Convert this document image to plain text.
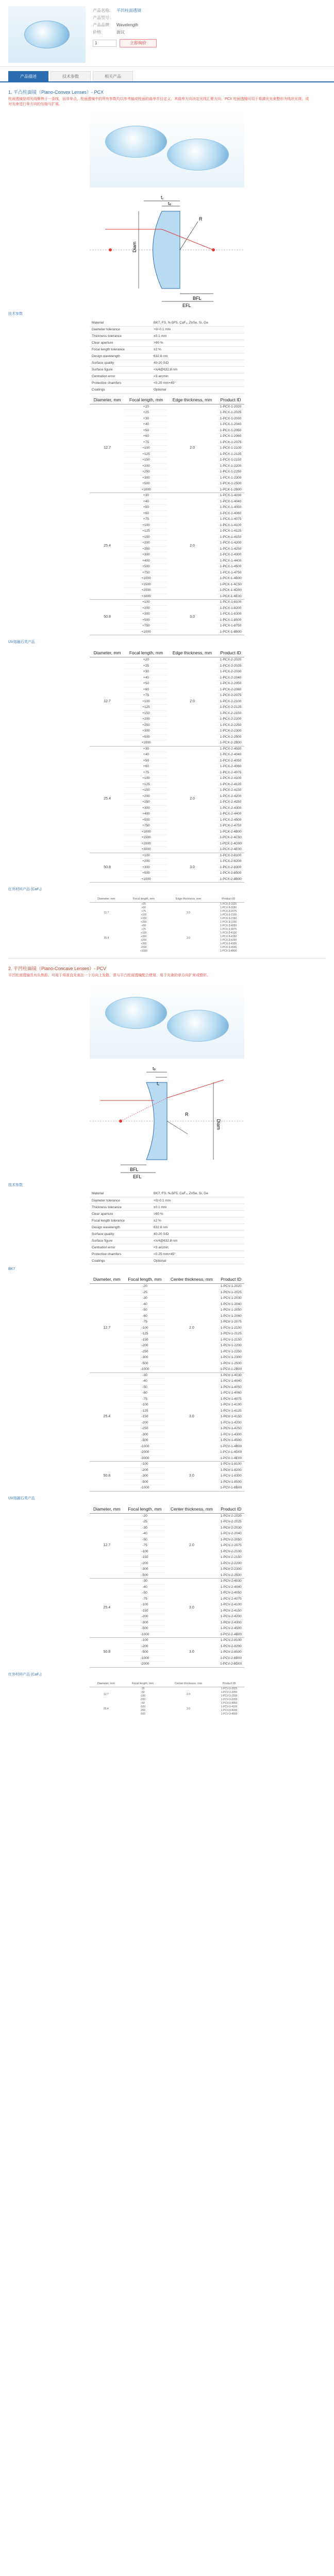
产品名称:	平凹柱面透镜
产品型号:
产品品牌:	Wavelength
价格:	面议
1	立即询价
产品描述	技术参数	相关产品
1. 平凸柱面镜（Plano-Convex Lenses）- PCX
柱面透镜是将光线聚焦于一条线，而非单点。柱面透镜中的所有参数均以参考轴或柱面的曲率半径定义，其曲率方向决定光线汇聚方向，PCX 柱面透镜可用于将激光光束整形为线状光斑，或对光束进行单方向的压缩与扩展。
t꜀
tₑ
R
Diam
BFL
EFL
技术参数
Material	BK7, FS, N-SF5, CaF₂, ZnSe, Si, Ge
Diameter tolerance	+0/-0.1 mm
Thickness tolerance	±0.1 mm
Clear aperture	>90 %
Focal length tolerance	±2 %
Design wavelength	632.8 nm
Surface quality	40-20 S/D
Surface figure	<λ/4@632.8 nm
Centration error	<3 arcmin
Protective chamfers	<0.25 mm×45°
Coatings	Optional
Diameter, mm	Focal length, mm	Edge thickness, mm	Product ID
12.7	+20	2.0	1-PCX-1-2020
	+25		1-PCX-1-2025
	+30		1-PCX-1-2030
	+40		1-PCX-1-2040
	+50		1-PCX-1-2050
	+60		1-PCX-1-2060
	+75		1-PCX-1-2075
	+100		1-PCX-1-2100
	+125		1-PCX-1-2125
	+150		1-PCX-1-2150
	+200		1-PCX-1-2200
	+250		1-PCX-1-2250
	+300		1-PCX-1-2300
	+500		1-PCX-1-2500
	+1000		1-PCX-1-2B00
25.4	+30	2.0	1-PCX-1-4030
	+40		1-PCX-1-4040
	+50		1-PCX-1-4050
	+60		1-PCX-1-4060
	+75		1-PCX-1-4075
	+100		1-PCX-1-4100
	+125		1-PCX-1-4125
	+150		1-PCX-1-4150
	+200		1-PCX-1-4200
	+250		1-PCX-1-4250
	+300		1-PCX-1-4300
	+400		1-PCX-1-4400
	+500		1-PCX-1-4500
	+750		1-PCX-1-4750
	+1000		1-PCX-1-4B00
	+1500		1-PCX-1-4C50
	+2000		1-PCX-1-4D00
	+3000		1-PCX-1-4E00
50.8	+100	3.0	1-PCX-1-8100
	+200		1-PCX-1-8200
	+300		1-PCX-1-8300
	+500		1-PCX-1-8500
	+750		1-PCX-1-8750
	+1000		1-PCX-1-8B00
UV熔融石英产品
Diameter, mm	Focal length, mm	Edge thickness, mm	Product ID
12.7	+20	2.0	1-PCX-2-2020
	+25		1-PCX-2-2025
	+30		1-PCX-2-2030
	+40		1-PCX-2-2040
	+50		1-PCX-2-2050
	+60		1-PCX-2-2060
	+75		1-PCX-2-2075
	+100		1-PCX-2-2100
	+125		1-PCX-2-2125
	+150		1-PCX-2-2150
	+200		1-PCX-2-2200
	+250		1-PCX-2-2250
	+300		1-PCX-2-2300
	+500		1-PCX-2-2500
	+1000		1-PCX-2-2B00
25.4	+30	2.0	1-PCX-2-4030
	+40		1-PCX-2-4040
	+50		1-PCX-2-4050
	+60		1-PCX-2-4060
	+75		1-PCX-2-4075
	+100		1-PCX-2-4100
	+125		1-PCX-2-4125
	+150		1-PCX-2-4150
	+200		1-PCX-2-4200
	+250		1-PCX-2-4250
	+300		1-PCX-2-4300
	+400		1-PCX-2-4400
	+500		1-PCX-2-4500
	+750		1-PCX-2-4750
	+1000		1-PCX-2-4B00
	+1500		1-PCX-2-4C50
	+2000		1-PCX-2-4D00
	+3000		1-PCX-2-4E00
50.8	+100	3.0	1-PCX-2-8100
	+200		1-PCX-2-8200
	+300		1-PCX-2-8300
	+500		1-PCX-2-8500
	+1000		1-PCX-2-8B00
红外材料产品 (CaF₂)
Diameter, mm	Focal length, mm	Edge thickness, mm	Product ID
12.7	+25	2.0	1-PCX-3-2025
	+50		1-PCX-3-2050
	+75		1-PCX-3-2075
	+100		1-PCX-3-2100
	+150		1-PCX-3-2150
	+200		1-PCX-3-2200
25.4	+50	3.0	1-PCX-3-4050
	+75		1-PCX-3-4075
	+100		1-PCX-3-4100
	+150		1-PCX-3-4150
	+200		1-PCX-3-4200
	+300		1-PCX-3-4300
	+500		1-PCX-3-4500
	+1000		1-PCX-3-4B00
2. 平凹柱面镜（Plano-Concave Lenses）- PCV
平凹柱面透镜具有负焦距，可用于将准直光束在一个方向上发散，常与平凸柱面透镜配合使用，用于光束的单方向扩束或整形。
tₑ
t꜀
R
Diam
BFL
EFL
技术参数
Material	BK7, FS, N-SF5, CaF₂, ZnSe, Si, Ge
Diameter tolerance	+0/-0.1 mm
Thickness tolerance	±0.1 mm
Clear aperture	>90 %
Focal length tolerance	±2 %
Design wavelength	632.8 nm
Surface quality	40-20 S/D
Surface figure	<λ/4@632.8 nm
Centration error	<3 arcmin
Protective chamfers	<0.25 mm×45°
Coatings	Optional
BK7
Diameter, mm	Focal length, mm	Center thickness, mm	Product ID
12.7	-20	2.0	1-PCV-1-2020
	-25		1-PCV-1-2025
	-30		1-PCV-1-2030
	-40		1-PCV-1-2040
	-50		1-PCV-1-2050
	-60		1-PCV-1-2060
	-75		1-PCV-1-2075
	-100		1-PCV-1-2100
	-125		1-PCV-1-2125
	-150		1-PCV-1-2150
	-200		1-PCV-1-2200
	-250		1-PCV-1-2250
	-300		1-PCV-1-2300
	-500		1-PCV-1-2500
	-1000		1-PCV-1-2B00
25.4	-30	3.0	1-PCV-1-4030
	-40		1-PCV-1-4040
	-50		1-PCV-1-4050
	-60		1-PCV-1-4060
	-75		1-PCV-1-4075
	-100		1-PCV-1-4100
	-125		1-PCV-1-4125
	-150		1-PCV-1-4150
	-200		1-PCV-1-4200
	-250		1-PCV-1-4250
	-300		1-PCV-1-4300
	-500		1-PCV-1-4500
	-1000		1-PCV-1-4B00
	-2000		1-PCV-1-4D00
	-3000		1-PCV-1-4E00
50.8	-100	3.0	1-PCV-1-8100
	-200		1-PCV-1-8200
	-300		1-PCV-1-8300
	-500		1-PCV-1-8500
	-1000		1-PCV-1-8B00
UV熔融石英产品
Diameter, mm	Focal length, mm	Center thickness, mm	Product ID
12.7	-20	2.0	1-PCV-2-2020
	-25		1-PCV-2-2025
	-30		1-PCV-2-2030
	-40		1-PCV-2-2040
	-50		1-PCV-2-2050
	-75		1-PCV-2-2075
	-100		1-PCV-2-2100
	-150		1-PCV-2-2150
	-200		1-PCV-2-2200
	-300		1-PCV-2-2300
	-500		1-PCV-2-2500
25.4	-30	3.0	1-PCV-2-4030
	-40		1-PCV-2-4040
	-50		1-PCV-2-4050
	-75		1-PCV-2-4075
	-100		1-PCV-2-4100
	-150		1-PCV-2-4150
	-200		1-PCV-2-4200
	-300		1-PCV-2-4300
	-500		1-PCV-2-4500
	-1000		1-PCV-2-4B00
50.8	-100	3.0	1-PCV-2-8100
	-200		1-PCV-2-8200
	-500		1-PCV-2-8500
	-1000		1-PCV-2-8B00
	-2000		1-PCV-2-8D00
红外材料产品 (CaF₂)
Diameter, mm	Focal length, mm	Center thickness, mm	Product ID
12.7	-25	2.0	1-PCV-3-2025
	-50		1-PCV-3-2050
	-100		1-PCV-3-2100
	-200		1-PCV-3-2200
25.4	-50	3.0	1-PCV-3-4050
	-100		1-PCV-3-4100
	-200		1-PCV-3-4200
	-500		1-PCV-3-4500
